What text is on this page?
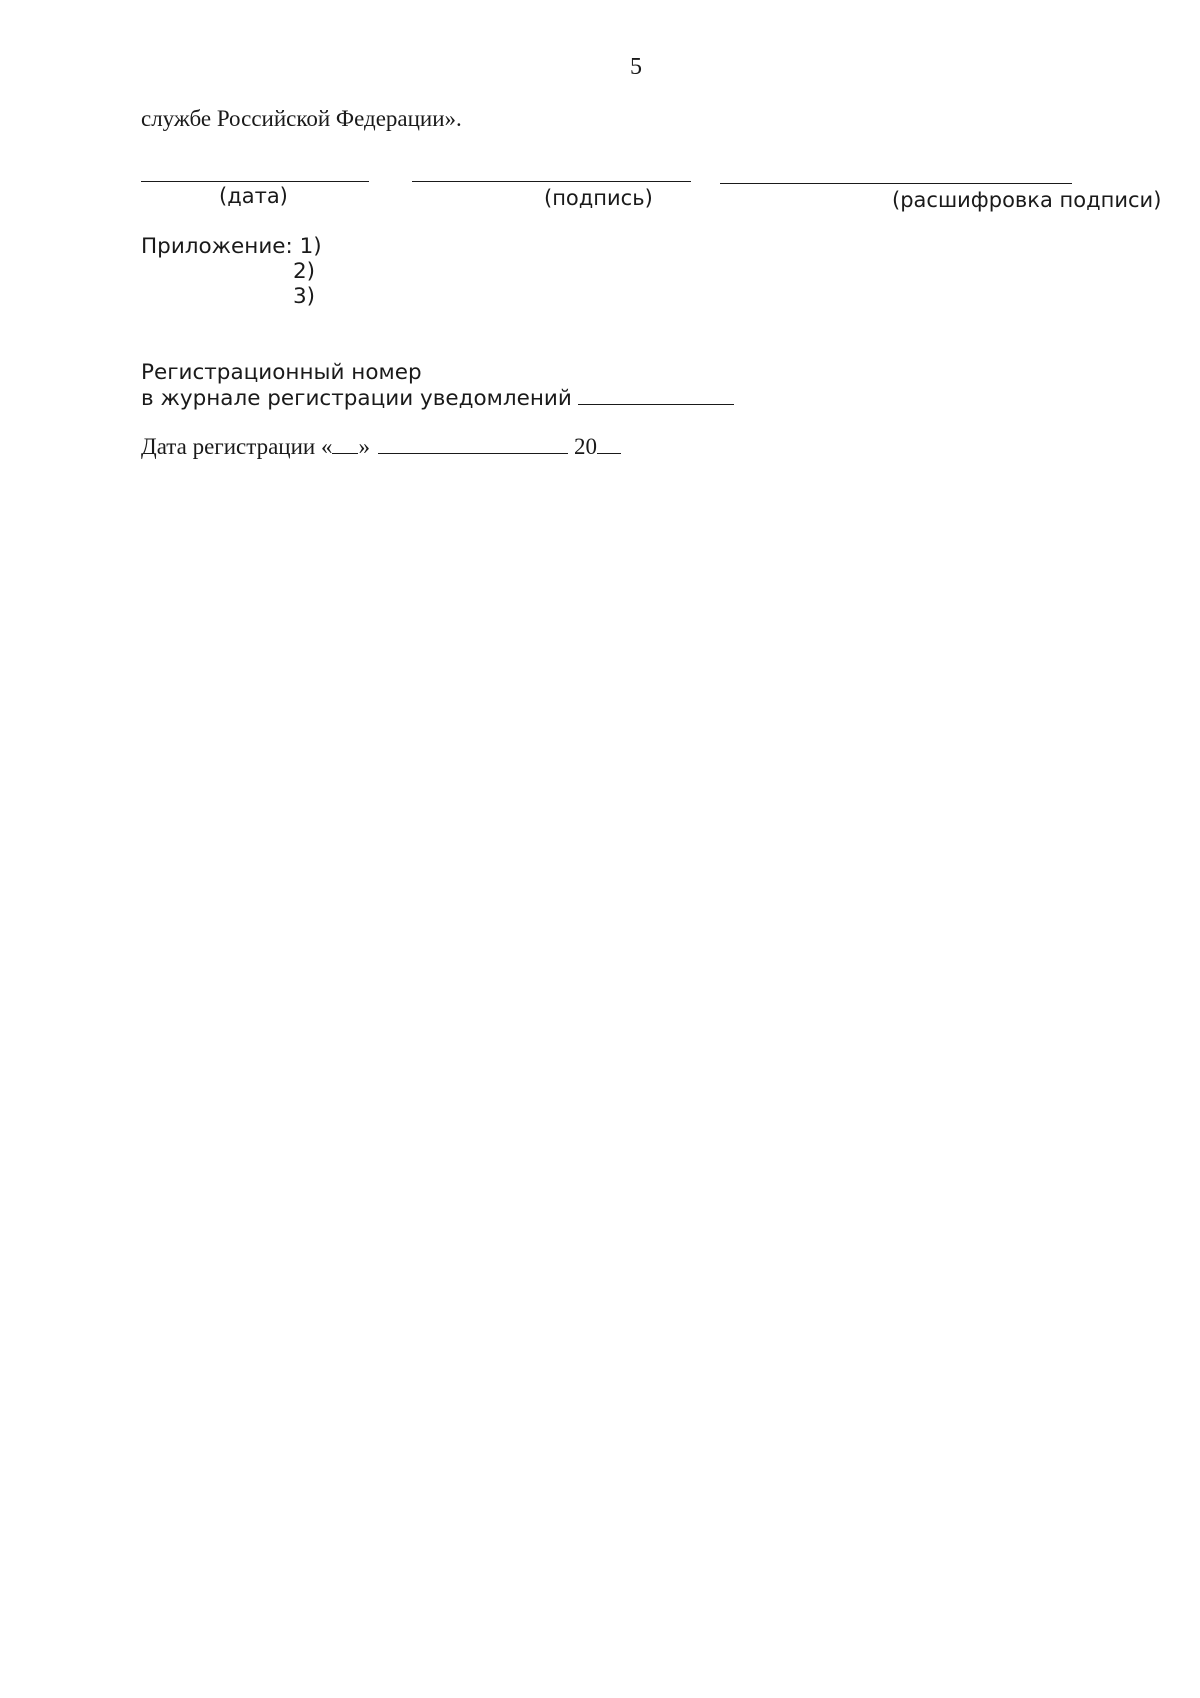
5
службе Российской Федерации».
(дата)	(подпись)	(расшифровка подписи)
Приложение: 1)
2)
3)
Регистрационный номер
в журнале регистрации уведомлений
Дата регистрации « »	20
